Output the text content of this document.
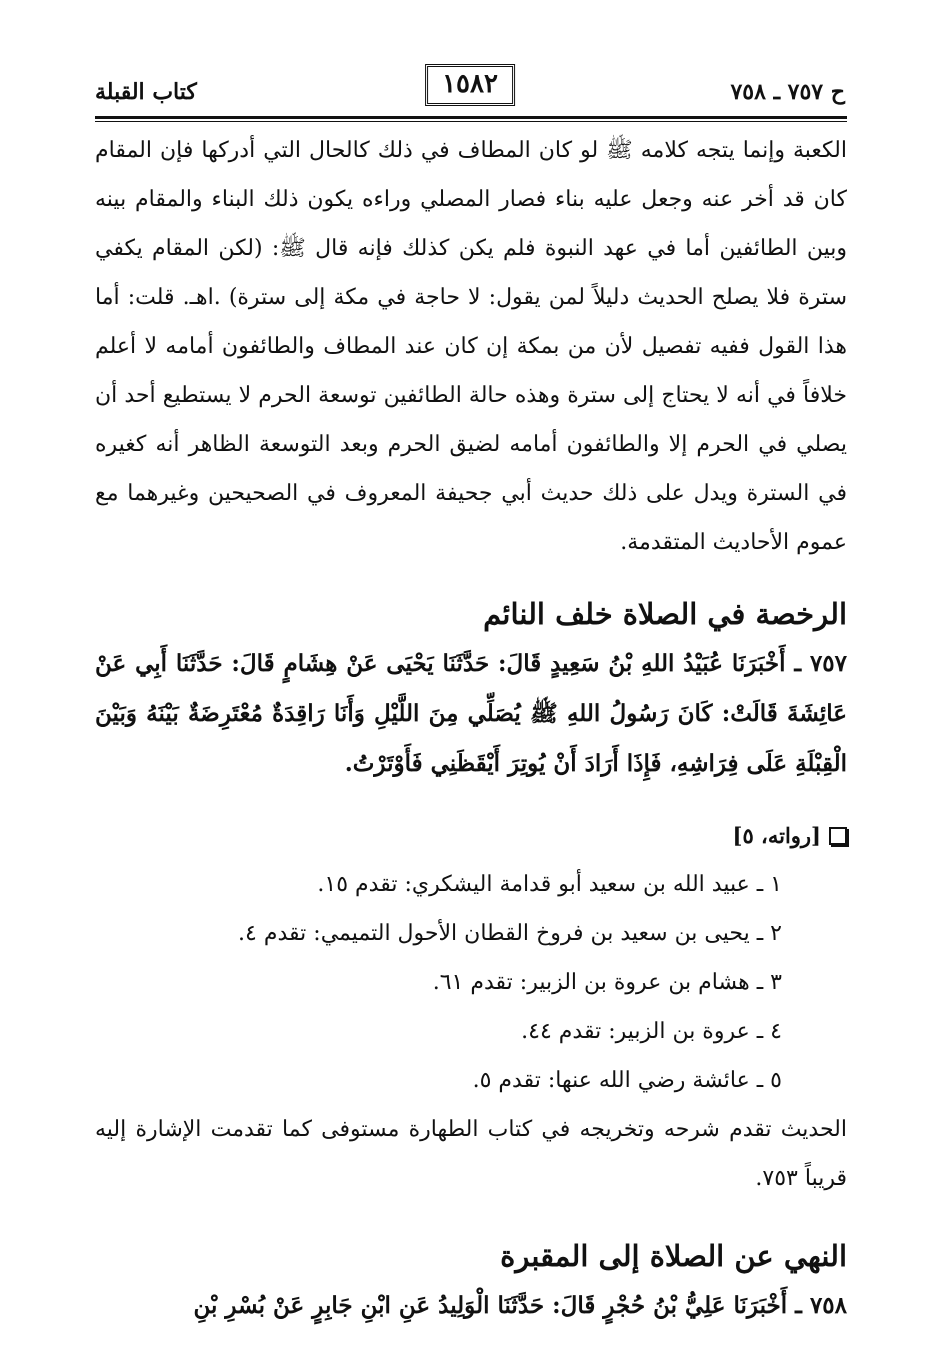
ح ٧٥٧ ـ ٧٥٨
١٥٨٢
كتاب القبلة

الكعبة وإنما يتجه كلامه ﷺ لو كان المطاف في ذلك كالحال التي أدركها فإن المقام كان قد أخر عنه وجعل عليه بناء فصار المصلي وراءه يكون ذلك البناء والمقام بينه وبين الطائفين أما في عهد النبوة فلم يكن كذلك فإنه قال ﷺ: (لكن المقام يكفي سترة فلا يصلح الحديث دليلاً لمن يقول: لا حاجة في مكة إلى سترة) .اهـ. قلت: أما هذا القول ففيه تفصيل لأن من بمكة إن كان عند المطاف والطائفون أمامه لا أعلم خلافاً في أنه لا يحتاج إلى سترة وهذه حالة الطائفين توسعة الحرم لا يستطيع أحد أن يصلي في الحرم إلا والطائفون أمامه لضيق الحرم وبعد التوسعة الظاهر أنه كغيره في السترة ويدل على ذلك حديث أبي جحيفة المعروف في الصحيحين وغيرهما مع عموم الأحاديث المتقدمة.

الرخصة في الصلاة خلف النائم

٧٥٧ ـ أَخْبَرَنَا عُبَيْدُ اللهِ بْنُ سَعِيدٍ قَالَ: حَدَّثَنَا يَحْيَى عَنْ هِشَامٍ قَالَ: حَدَّثَنَا أَبِي عَنْ عَائِشَةَ قَالَتْ: كَانَ رَسُولُ اللهِ ﷺ يُصَلِّي مِنَ اللَّيْلِ وَأَنَا رَاقِدَةٌ مُعْتَرِضَةٌ بَيْنَهُ وَبَيْنَ الْقِبْلَةِ عَلَى فِرَاشِهِ، فَإِذَا أَرَادَ أَنْ يُوتِرَ أَيْقَظَنِي فَأَوْتَرْتُ.

[رواته، ٥]

١ ـ عبيد الله بن سعيد أبو قدامة اليشكري: تقدم ١٥.

٢ ـ يحيى بن سعيد بن فروخ القطان الأحول التميمي: تقدم ٤.

٣ ـ هشام بن عروة بن الزبير: تقدم ٦١.

٤ ـ عروة بن الزبير: تقدم ٤٤.

٥ ـ عائشة رضي الله عنها: تقدم ٥.

الحديث تقدم شرحه وتخريجه في كتاب الطهارة مستوفى كما تقدمت الإشارة إليه قريباً ٧٥٣.

النهي عن الصلاة إلى المقبرة

٧٥٨ ـ أَخْبَرَنَا عَلِيُّ بْنُ حُجْرٍ قَالَ: حَدَّثَنَا الْوَلِيدُ عَنِ ابْنِ جَابِرٍ عَنْ بُسْرِ بْنِ
